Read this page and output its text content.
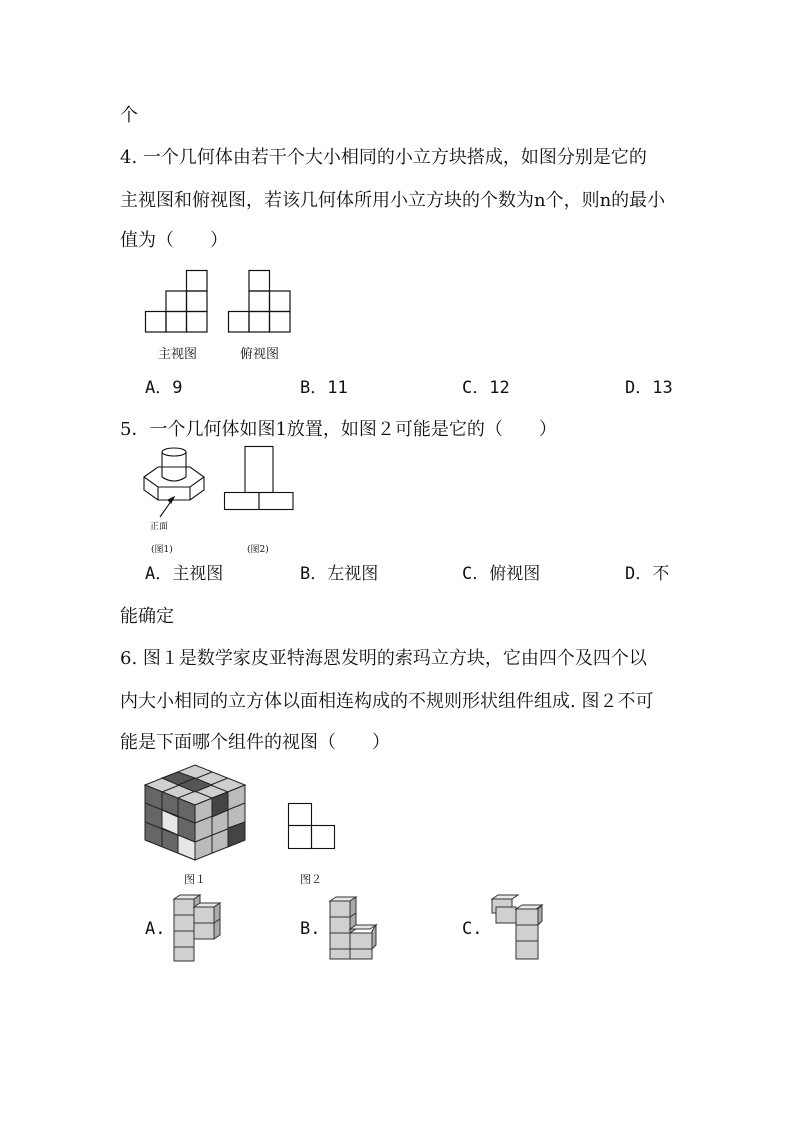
个
4. 一个几何体由若干个大小相同的小立方块搭成，如图分别是它的
主视图和俯视图，若该几何体所用小立方块的个数为n个，则n的最小
值为（　　）
主视图	俯视图
A．9	B．11	C．12	D．13
5．一个几何体如图1放置，如图２可能是它的（　　）
正面
(图1)	(图2)
A．主视图	B．左视图	C．俯视图	D．不
能确定
6. 图１是数学家皮亚特海恩发明的索玛立方块，它由四个及四个以
内大小相同的立方体以面相连构成的不规则形状组件组成. 图２不可
能是下面哪个组件的视图（　　）
图１	图２
A.	B.	C.
